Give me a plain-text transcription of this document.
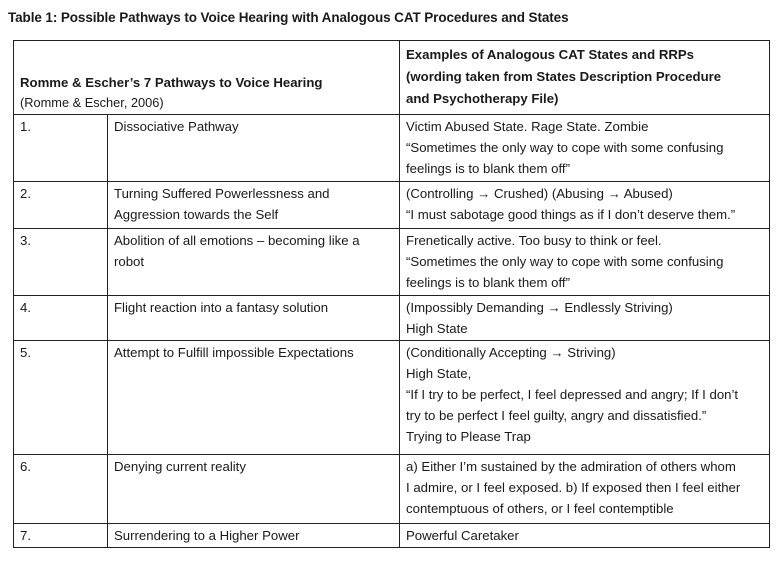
Table 1: Possible Pathways to Voice Hearing with Analogous CAT Procedures and States
Romme & Escher’s 7 Pathways to Voice Hearing
(Romme & Escher, 2006)		Examples of Analogous CAT States and RRPs
(wording taken from States Description Procedure
and Psychotherapy File)

1.	Dissociative Pathway	Victim Abused State. Rage State. Zombie
“Sometimes the only way to cope with some confusing
feelings is to blank them off”

2.	Turning Suffered Powerlessness and
Aggression towards the Self	(Controlling → Crushed) (Abusing → Abused)
“I must sabotage good things as if I don’t deserve them.”

3.	Abolition of all emotions – becoming like a
robot	Frenetically active. Too busy to think or feel.
“Sometimes the only way to cope with some confusing
feelings is to blank them off”

4.	Flight reaction into a fantasy solution	(Impossibly Demanding → Endlessly Striving)
High State

5.	Attempt to Fulfill impossible Expectations	(Conditionally Accepting → Striving)
High State,
“If I try to be perfect, I feel depressed and angry; If I don’t
try to be perfect I feel guilty, angry and dissatisfied.”
Trying to Please Trap

6.	Denying current reality	a) Either I’m sustained by the admiration of others whom
I admire, or I feel exposed. b) If exposed then I feel either
contemptuous of others, or I feel contemptible

7.	Surrendering to a Higher Power	Powerful Caretaker
